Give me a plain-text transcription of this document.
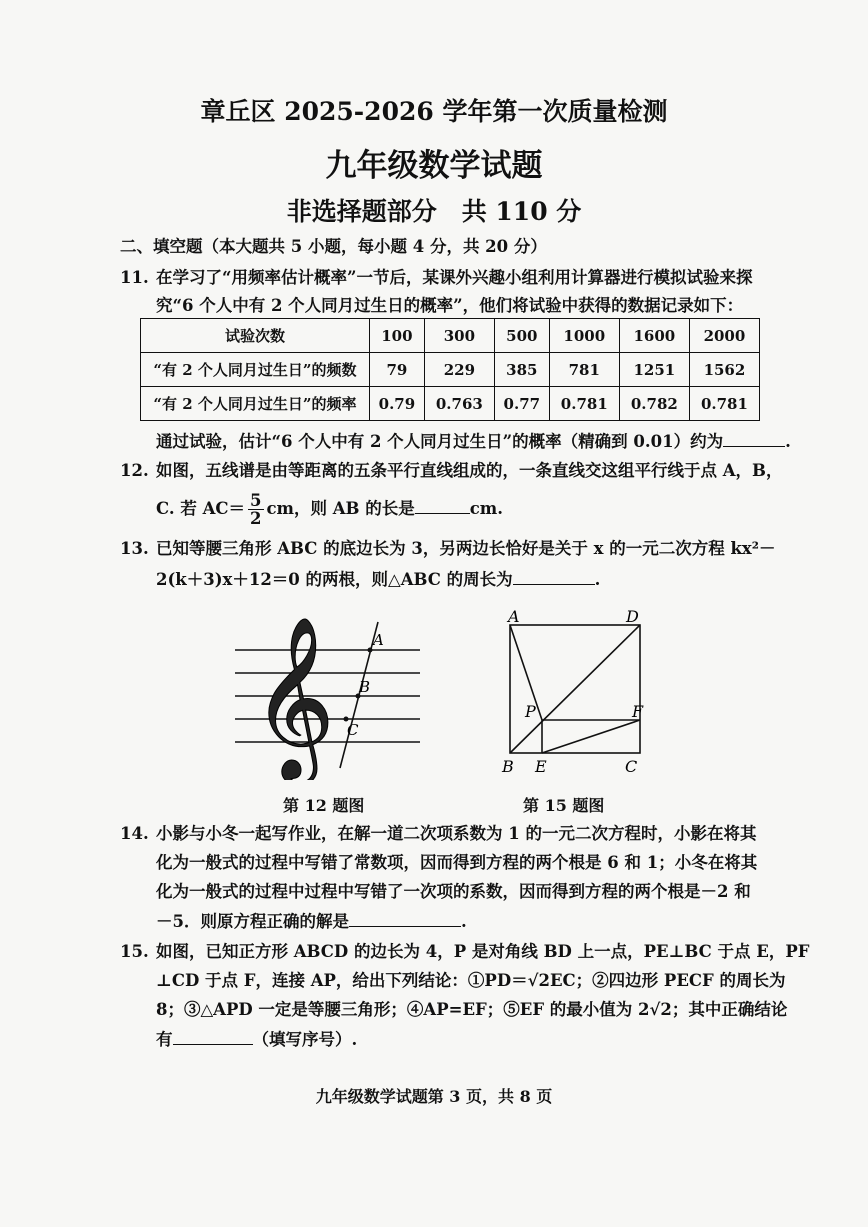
章丘区 2025-2026 学年第一次质量检测
九年级数学试题
非选择题部分　共 110 分
二、填空题（本大题共 5 小题，每小题 4 分，共 20 分）
11. 在学习了“用频率估计概率”一节后，某课外兴趣小组利用计算器进行模拟试验来探
究“6 个人中有 2 个人同月过生日的概率”，他们将试验中获得的数据记录如下：
试验次数	100	300	500	1000	1600	2000
“有 2 个人同月过生日”的频数	79	229	385	781	1251	1562
“有 2 个人同月过生日”的频率	0.79	0.763	0.77	0.781	0.782	0.781
通过试验，估计“6 个人中有 2 个人同月过生日”的概率（精确到 0.01）约为	.
12. 如图，五线谱是由等距离的五条平行直线组成的，一条直线交这组平行线于点 A，B，
C. 若 $AC= \frac{5}{2}$ cm，则 AB 的长是	cm.
13. 已知等腰三角形 ABC 的底边长为 3，另两边长恰好是关于 x 的一元二次方程 kx²－
2(k＋3)x＋12＝0 的两根，则△ABC 的周长为	.
𝄞	A
B
C
A	D
P	F
B E	C
第 12 题图	第 15 题图
14. 小影与小冬一起写作业，在解一道二次项系数为 1 的一元二次方程时，小影在将其
化为一般式的过程中写错了常数项，因而得到方程的两个根是 6 和 1；小冬在将其
化为一般式的过程中过程中写错了一次项的系数，因而得到方程的两个根是－2 和
－5．则原方程正确的解是	.
15. 如图，已知正方形 ABCD 的边长为 4，P 是对角线 BD 上一点，PE⊥BC 于点 E，PF
⊥CD 于点 F，连接 AP，给出下列结论：①PD＝√2EC；②四边形 PECF 的周长为
8；③△APD 一定是等腰三角形；④AP=EF；⑤EF 的最小值为 2√2；其中正确结论
有	（填写序号）.
九年级数学试题第 3 页，共 8 页
